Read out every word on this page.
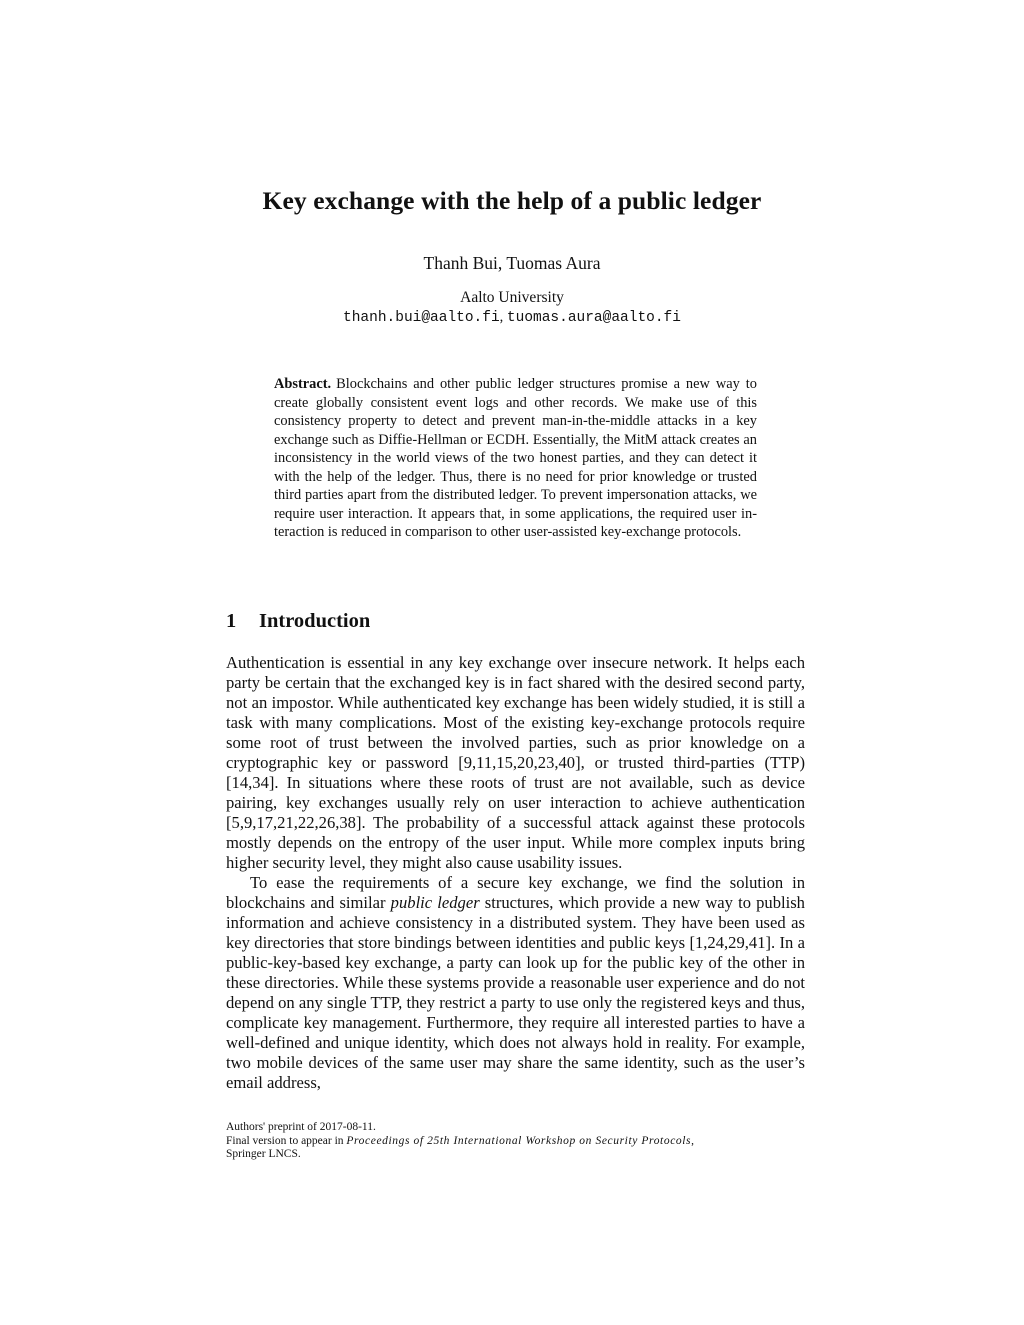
Key exchange with the help of a public ledger
Thanh Bui, Tuomas Aura
Aalto University
thanh.bui@aalto.fi, tuomas.aura@aalto.fi
Abstract. Blockchains and other public ledger structures promise a new way to create globally consistent event logs and other records. We make use of this consistency property to detect and prevent man-in-the-middle attacks in a key exchange such as Diffie-Hellman or ECDH. Essentially, the MitM attack creates an inconsistency in the world views of the two honest parties, and they can detect it with the help of the ledger. Thus, there is no need for prior knowledge or trusted third parties apart from the distributed ledger. To prevent impersonation attacks, we require user interaction. It appears that, in some applications, the required user interaction is reduced in comparison to other user-assisted key-exchange protocols.
1 Introduction

Authentication is essential in any key exchange over insecure network. It helps each party be certain that the exchanged key is in fact shared with the desired second party, not an impostor. While authenticated key exchange has been widely studied, it is still a task with many complications. Most of the existing key-exchange protocols require some root of trust between the involved parties, such as prior knowledge on a cryptographic key or password [9,11,15,20,23,40], or trusted third-parties (TTP) [14,34]. In situations where these roots of trust are not available, such as device pairing, key exchanges usually rely on user interaction to achieve authentication [5,9,17,21,22,26,38]. The probability of a successful attack against these protocols mostly depends on the entropy of the user input. While more complex inputs bring higher security level, they might also cause usability issues.

To ease the requirements of a secure key exchange, we find the solution in blockchains and similar public ledger structures, which provide a new way to publish information and achieve consistency in a distributed system. They have been used as key directories that store bindings between identities and public keys [1,24,29,41]. In a public-key-based key exchange, a party can look up for the public key of the other in these directories. While these systems provide a reasonable user experience and do not depend on any single TTP, they restrict a party to use only the registered keys and thus, complicate key management. Furthermore, they require all interested parties to have a well-defined and unique identity, which does not always hold in reality. For example, two mobile devices of the same user may share the same identity, such as the user’s email address,

Authors' preprint of 2017-08-11.
Final version to appear in Proceedings of 25th International Workshop on Security Protocols,
Springer LNCS.
